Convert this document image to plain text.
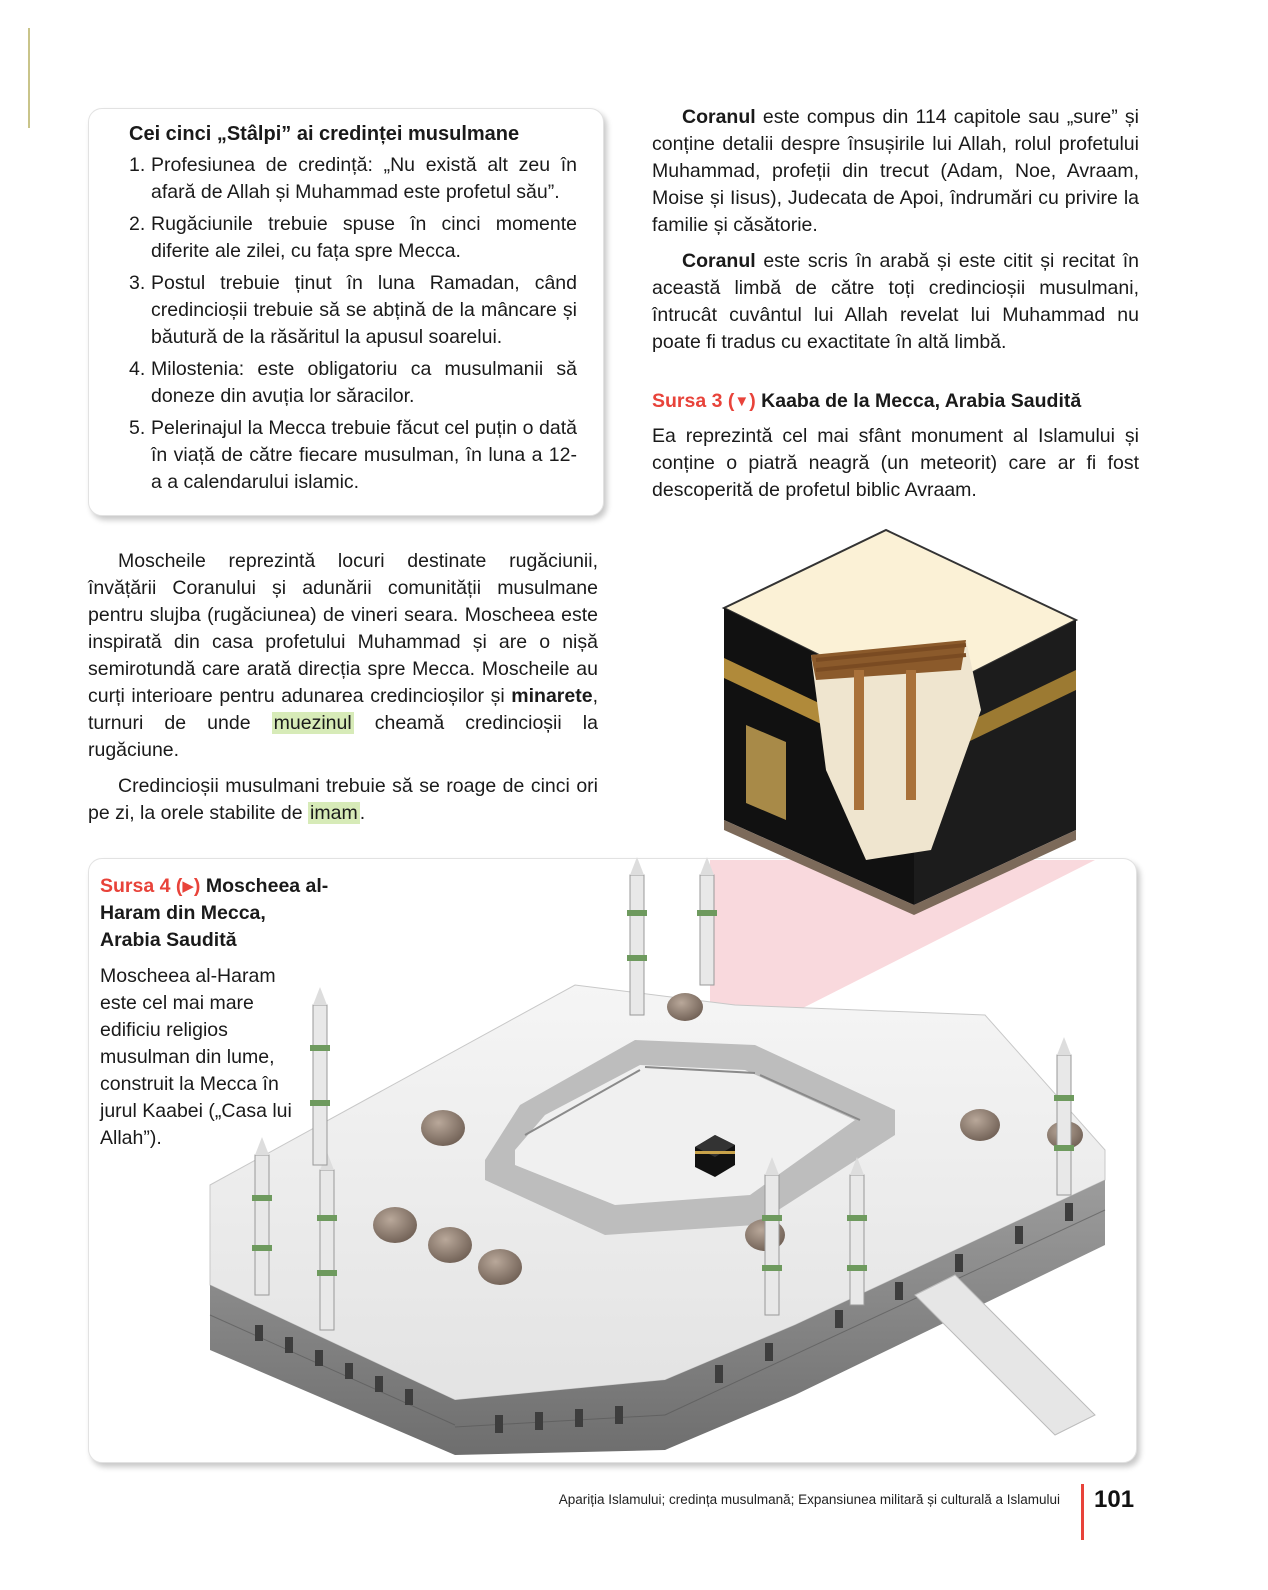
Cei cinci „Stâlpi” ai credinței musulmane

1. Profesiunea de credință: „Nu există alt zeu în afară de Allah și Muhammad este profetul său”.
2. Rugăciunile trebuie spuse în cinci momente diferite ale zilei, cu fața spre Mecca.
3. Postul trebuie ținut în luna Ramadan, când credincioșii trebuie să se abțină de la mâncare și băutură de la răsăritul la apusul soarelui.
4. Milostenia: este obligatoriu ca musulmanii să doneze din avuția lor săracilor.
5. Pelerinajul la Mecca trebuie făcut cel puțin o dată în viață de către fiecare musulman, în luna a 12-a a calendarului islamic.

Coranul este compus din 114 capitole sau „sure” și conține detalii despre însușirile lui Allah, rolul profetului Muhammad, profeții din trecut (Adam, Noe, Avraam, Moise și Iisus), Judecata de Apoi, îndrumări cu privire la familie și căsătorie.

Coranul este scris în arabă și este citit și recitat în această limbă de către toți credincioșii musulmani, întrucât cuvântul lui Allah revelat lui Muhammad nu poate fi tradus cu exactitate în altă limbă.

Sursa 3 (▼) Kaaba de la Mecca, Arabia Saudită

Ea reprezintă cel mai sfânt monument al Islamului și conține o piatră neagră (un meteorit) care ar fi fost descoperită de profetul biblic Avraam.

Moscheile reprezintă locuri destinate rugăciunii, învățării Coranului și adunării comunității musulmane pentru slujba (rugăciunea) de vineri seara. Moscheea este inspirată din casa profetului Muhammad și are o nișă semirotundă care arată direcția spre Mecca. Moscheile au curți interioare pentru adunarea credincioșilor și minarete, turnuri de unde muezinul cheamă credincioșii la rugăciune.

Credincioșii musulmani trebuie să se roage de cinci ori pe zi, la orele stabilite de imam .

Sursa 4 (▶) Moscheea al-Haram din Mecca, Arabia Saudită

Moscheea al-Haram este cel mai mare edificiu religios musulman din lume, construit la Mecca în jurul Kaabei („Casa lui Allah”).

Apariția Islamului; credința musulmană; Expansiunea militară și culturală a Islamului 101
